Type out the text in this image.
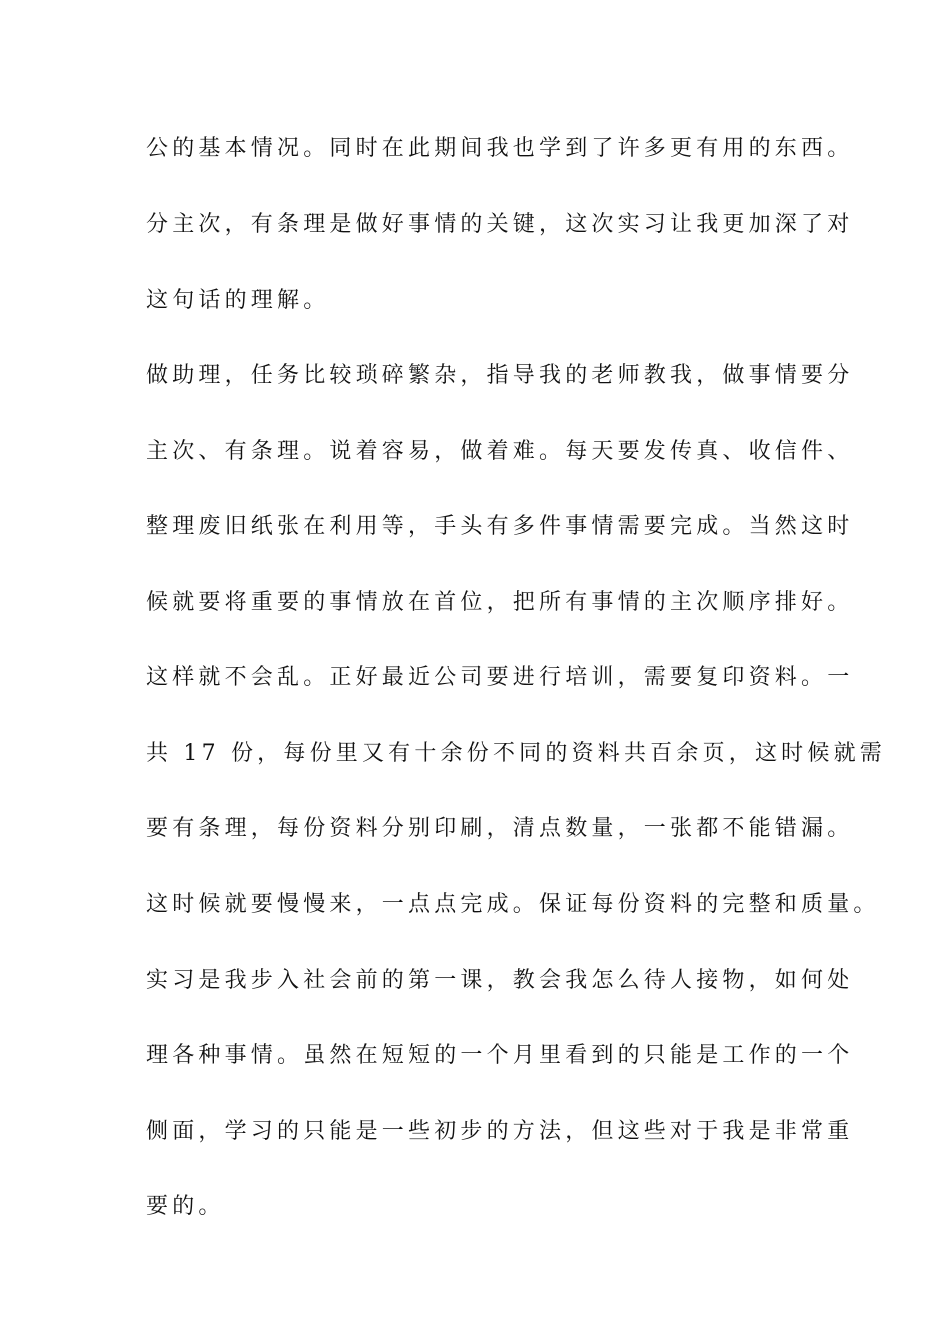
公的基本情况。同时在此期间我也学到了许多更有用的东西。
分主次，有条理是做好事情的关键，这次实习让我更加深了对
这句话的理解。
做助理，任务比较琐碎繁杂，指导我的老师教我，做事情要分
主次、有条理。说着容易，做着难。每天要发传真、收信件、
整理废旧纸张在利用等，手头有多件事情需要完成。当然这时
候就要将重要的事情放在首位，把所有事情的主次顺序排好。
这样就不会乱。正好最近公司要进行培训，需要复印资料。一
共 17 份，每份里又有十余份不同的资料共百余页，这时候就需
要有条理，每份资料分别印刷，清点数量，一张都不能错漏。
这时候就要慢慢来，一点点完成。保证每份资料的完整和质量。
实习是我步入社会前的第一课，教会我怎么待人接物，如何处
理各种事情。虽然在短短的一个月里看到的只能是工作的一个
侧面，学习的只能是一些初步的方法，但这些对于我是非常重
要的。
